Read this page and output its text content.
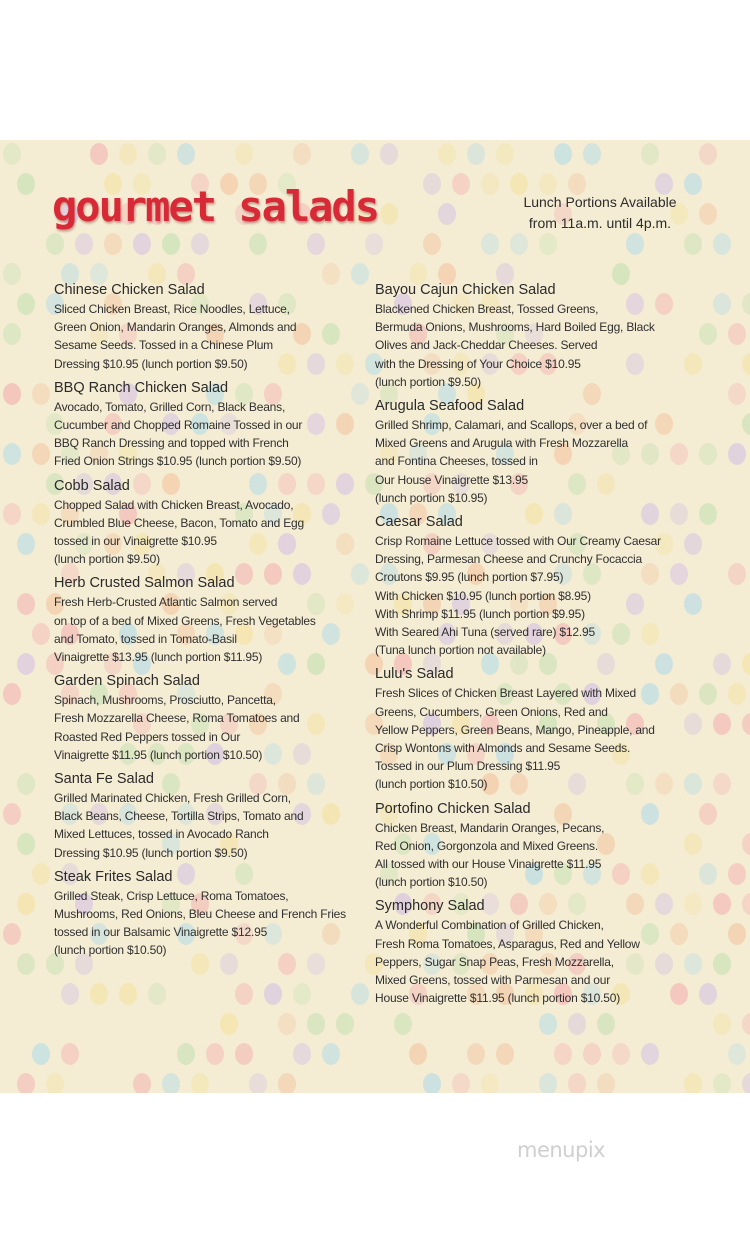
gourmet salads	Lunch Portions Available
from 11a.m. until 4p.m.
Chinese Chicken Salad
Sliced Chicken Breast, Rice Noodles, Lettuce,
Green Onion, Mandarin Oranges, Almonds and
Sesame Seeds. Tossed in a Chinese Plum
Dressing $10.95 (lunch portion $9.50)
BBQ Ranch Chicken Salad
Avocado, Tomato, Grilled Corn, Black Beans,
Cucumber and Chopped Romaine Tossed in our
BBQ Ranch Dressing and topped with French
Fried Onion Strings $10.95 (lunch portion $9.50)
Cobb Salad
Chopped Salad with Chicken Breast, Avocado,
Crumbled Blue Cheese, Bacon, Tomato and Egg
tossed in our Vinaigrette $10.95
(lunch portion $9.50)
Herb Crusted Salmon Salad
Fresh Herb-Crusted Atlantic Salmon served
on top of a bed of Mixed Greens, Fresh Vegetables
and Tomato, tossed in Tomato-Basil
Vinaigrette $13.95 (lunch portion $11.95)
Garden Spinach Salad
Spinach, Mushrooms, Prosciutto, Pancetta,
Fresh Mozzarella Cheese, Roma Tomatoes and
Roasted Red Peppers tossed in Our
Vinaigrette $11.95 (lunch portion $10.50)
Santa Fe Salad
Grilled Marinated Chicken, Fresh Grilled Corn,
Black Beans, Cheese, Tortilla Strips, Tomato and
Mixed Lettuces, tossed in Avocado Ranch
Dressing $10.95 (lunch portion $9.50)
Steak Frites Salad
Grilled Steak, Crisp Lettuce, Roma Tomatoes,
Mushrooms, Red Onions, Bleu Cheese and French Fries
tossed in our Balsamic Vinaigrette $12.95
(lunch portion $10.50)
Bayou Cajun Chicken Salad
Blackened Chicken Breast, Tossed Greens,
Bermuda Onions, Mushrooms, Hard Boiled Egg, Black
Olives and Jack-Cheddar Cheeses. Served
with the Dressing of Your Choice $10.95
(lunch portion $9.50)
Arugula Seafood Salad
Grilled Shrimp, Calamari, and Scallops, over a bed of
Mixed Greens and Arugula with Fresh Mozzarella
and Fontina Cheeses, tossed in
Our House Vinaigrette $13.95
(lunch portion $10.95)
Caesar Salad
Crisp Romaine Lettuce tossed with Our Creamy Caesar
Dressing, Parmesan Cheese and Crunchy Focaccia
Croutons $9.95 (lunch portion $7.95)
With Chicken $10.95 (lunch portion $8.95)
With Shrimp $11.95 (lunch portion $9.95)
With Seared Ahi Tuna (served rare) $12.95
(Tuna lunch portion not available)
Lulu's Salad
Fresh Slices of Chicken Breast Layered with Mixed
Greens, Cucumbers, Green Onions, Red and
Yellow Peppers, Green Beans, Mango, Pineapple, and
Crisp Wontons with Almonds and Sesame Seeds.
Tossed in our Plum Dressing $11.95
(lunch portion $10.50)
Portofino Chicken Salad
Chicken Breast, Mandarin Oranges, Pecans,
Red Onion, Gorgonzola and Mixed Greens.
All tossed with our House Vinaigrette $11.95
(lunch portion $10.50)
Symphony Salad
A Wonderful Combination of Grilled Chicken,
Fresh Roma Tomatoes, Asparagus, Red and Yellow
Peppers, Sugar Snap Peas, Fresh Mozzarella,
Mixed Greens, tossed with Parmesan and our
House Vinaigrette $11.95 (lunch portion $10.50)
menupix
